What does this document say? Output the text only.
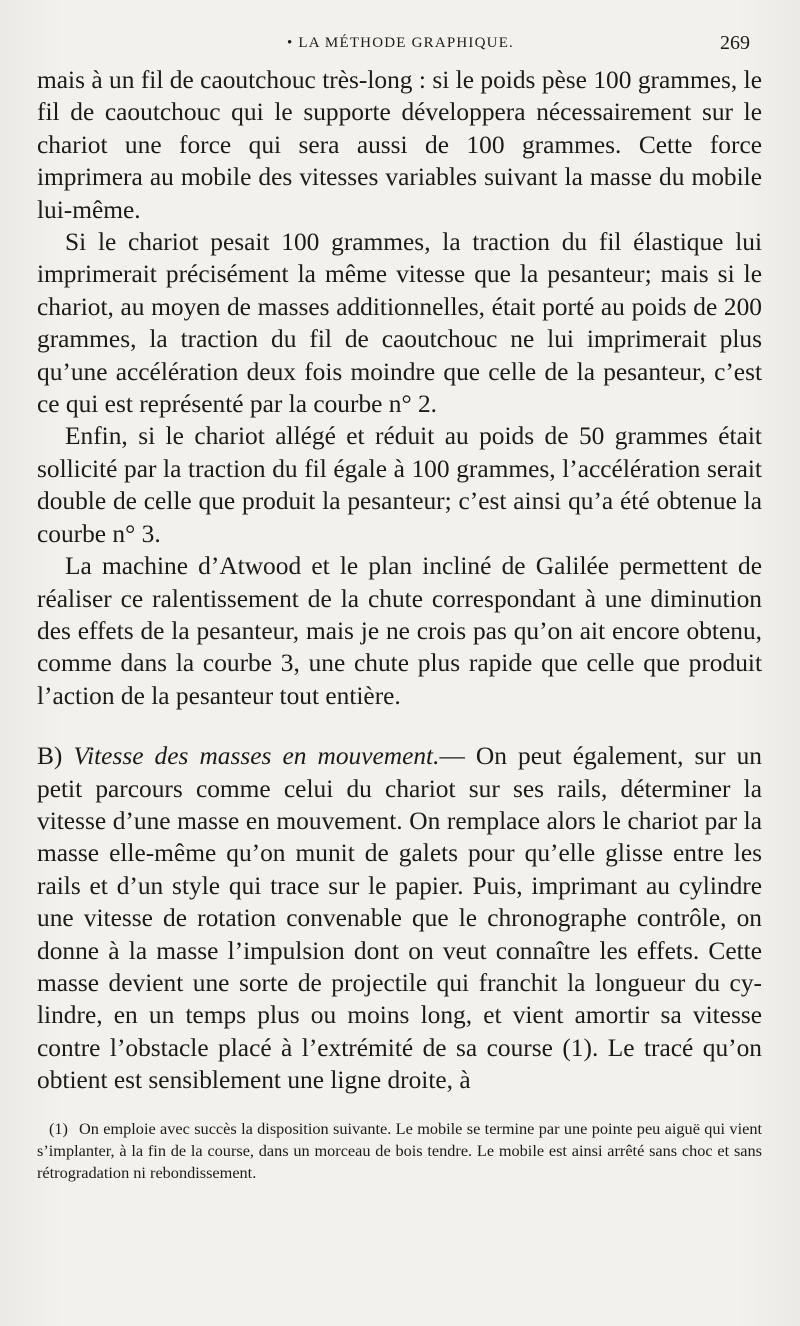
• LA MÉTHODE GRAPHIQUE.	269

mais à un fil de caoutchouc très-long : si le poids pèse 100 grammes, le fil de caoutchouc qui le supporte développera nécessairement sur le chariot une force qui sera aussi de 100 grammes. Cette force imprimera au mobile des vitesses variables suivant la masse du mobile lui-même.

Si le chariot pesait 100 grammes, la traction du fil élastique lui imprimerait précisément la même vitesse que la pesanteur; mais si le chariot, au moyen de masses additionnelles, était porté au poids de 200 grammes, la traction du fil de caoutchouc ne lui imprimerait plus qu’une accélération deux fois moindre que celle de la pesanteur, c’est ce qui est représenté par la courbe n° 2.

Enfin, si le chariot allégé et réduit au poids de 50 grammes était sollicité par la traction du fil égale à 100 grammes, l’accélération serait double de celle que produit la pesanteur; c’est ainsi qu’a été obtenue la courbe n° 3.

La machine d’Atwood et le plan incliné de Galilée permettent de réaliser ce ralentissement de la chute correspondant à une diminution des effets de la pesanteur, mais je ne crois pas qu’on ait encore obtenu, comme dans la courbe 3, une chute plus rapide que celle que produit l’action de la pesanteur tout entière.

B) Vitesse des masses en mouvement.— On peut également, sur un petit parcours comme celui du chariot sur ses rails, déterminer la vitesse d’une masse en mouvement. On remplace alors le chariot par la masse elle-même qu’on munit de galets pour qu’elle glisse entre les rails et d’un style qui trace sur le papier. Puis, imprimant au cylindre une vitesse de rotation convenable que le chronographe contrôle, on donne à la masse l’impulsion dont on veut connaître les effets. Cette masse devient une sorte de projectile qui franchit la longueur du cylindre, en un temps plus ou moins long, et vient amortir sa vitesse contre l’obstacle placé à l’extrémité de sa course (1). Le tracé qu’on obtient est sensiblement une ligne droite, à

(1) On emploie avec succès la disposition suivante. Le mobile se termine par une pointe peu aiguë qui vient s’implanter, à la fin de la course, dans un morceau de bois tendre. Le mobile est ainsi arrêté sans choc et sans rétrogradation ni rebondissement.
